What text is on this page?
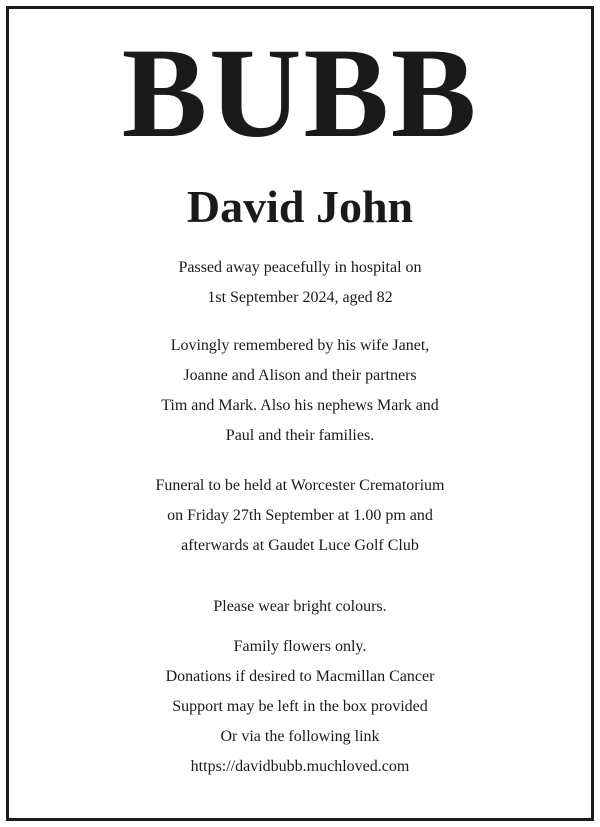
BUBB
David John

Passed away peacefully in hospital on
1st September 2024, aged 82

Lovingly remembered by his wife Janet,
Joanne and Alison and their partners
Tim and Mark. Also his nephews Mark and
Paul and their families.

Funeral to be held at Worcester Crematorium
on Friday 27th September at 1.00 pm and
afterwards at Gaudet Luce Golf Club

Please wear bright colours.

Family flowers only.
Donations if desired to Macmillan Cancer
Support may be left in the box provided
Or via the following link
https://davidbubb.muchloved.com
